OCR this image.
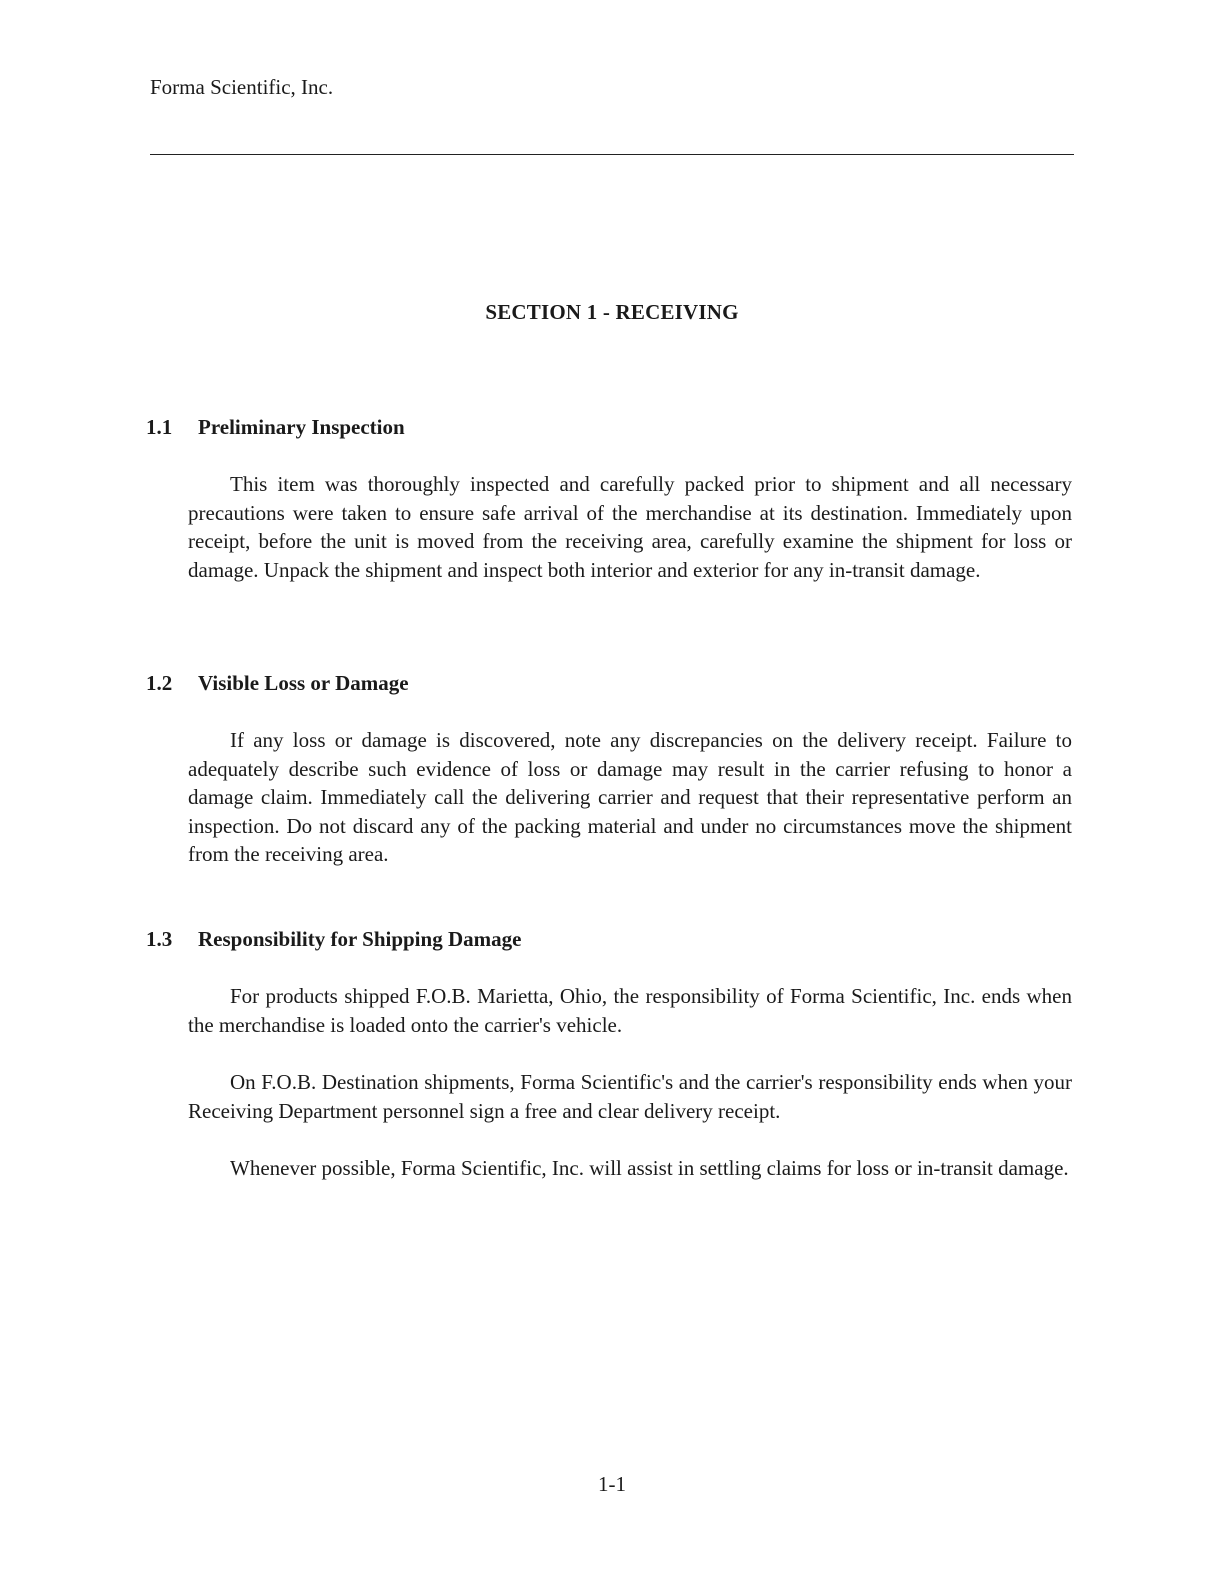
Forma Scientific, Inc.
SECTION 1 - RECEIVING
1.1 Preliminary Inspection
This item was thoroughly inspected and carefully packed prior to shipment and all necessary precautions were taken to ensure safe arrival of the merchandise at its destination. Immediately upon receipt, before the unit is moved from the receiving area, carefully examine the shipment for loss or damage. Unpack the shipment and inspect both interior and exterior for any in-transit damage.
1.2 Visible Loss or Damage
If any loss or damage is discovered, note any discrepancies on the delivery receipt. Failure to adequately describe such evidence of loss or damage may result in the carrier refusing to honor a damage claim. Immediately call the delivering carrier and request that their representative perform an inspection. Do not discard any of the packing material and under no circumstances move the shipment from the receiving area.
1.3 Responsibility for Shipping Damage
For products shipped F.O.B. Marietta, Ohio, the responsibility of Forma Scientific, Inc. ends when the merchandise is loaded onto the carrier's vehicle.
On F.O.B. Destination shipments, Forma Scientific's and the carrier's responsibility ends when your Receiving Department personnel sign a free and clear delivery receipt.
Whenever possible, Forma Scientific, Inc. will assist in settling claims for loss or in-transit damage.
1-1
